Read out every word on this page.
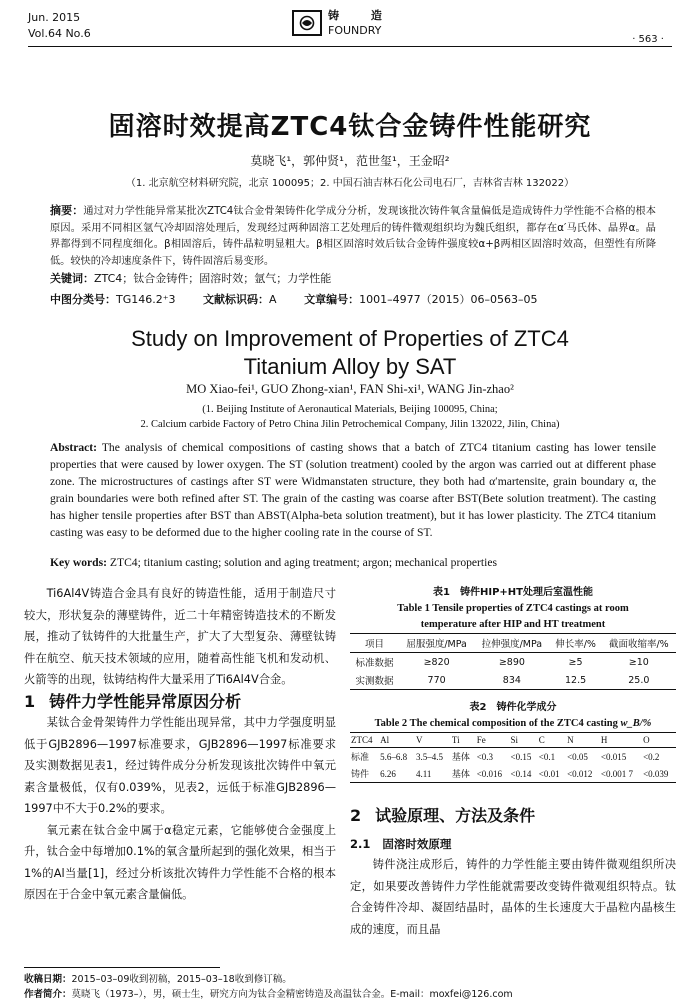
Jun. 2015
Vol.64 No.6
铸 造
FOUNDRY
· 563 ·
固溶时效提高ZTC4钛合金铸件性能研究
莫晓飞¹，郭仲贤¹，范世玺¹，王金昭²
（1. 北京航空材料研究院，北京 100095；2. 中国石油吉林石化公司电石厂，吉林省吉林 132022）
摘要：通过对力学性能异常某批次ZTC4钛合金骨架铸件化学成分分析，发现该批次铸件氧含量偏低是造成铸件力学性能不合格的根本原因。采用不同相区氩气冷却固溶处理后，发现经过两种固溶工艺处理后的铸件微观组织均为魏氏组织，都存在α′马氏体、晶界α。晶界都得到不同程度细化。β相固溶后，铸件晶粒明显粗大。β相区固溶时效后钛合金铸件强度较α+β两相区固溶时效高，但塑性有所降低。较快的冷却速度条件下，铸件固溶后易变形。
关键词：ZTC4；钛合金铸件；固溶时效；氩气；力学性能
中图分类号：TG146.2⁺3	文献标识码：A	文章编号：1001–4977（2015）06–0563–05
Study on Improvement of Properties of ZTC4
Titanium Alloy by SAT
MO Xiao-fei¹, GUO Zhong-xian¹, FAN Shi-xi¹, WANG Jin-zhao²
(1. Beijing Institute of Aeronautical Materials, Beijing 100095, China;
2. Calcium carbide Factory of Petro China Jilin Petrochemical Company, Jilin 132022, Jilin, China)
Abstract: The analysis of chemical compositions of casting shows that a batch of ZTC4 titanium casting has lower tensile properties that were caused by lower oxygen. The ST (solution treatment) cooled by the argon was carried out at different phase zone. The microstructures of castings after ST were Widmanstaten structure, they both had α′martensite, grain boundary α, the grain boundaries were both refined after ST. The grain of the casting was coarse after BST(Bete solution treatment). The casting has higher tensile properties after BST than ABST(Alpha-beta solution treatment), but it has lower plasticity. The ZTC4 titanium casting was easy to be deformed due to the higher cooling rate in the course of ST.
Key words: ZTC4; titanium casting; solution and aging treatment; argon; mechanical properties

Ti6Al4V铸造合金具有良好的铸造性能，适用于制造尺寸较大，形状复杂的薄壁铸件，近二十年精密铸造技术的不断发展，推动了钛铸件的大批量生产，扩大了大型复杂、薄壁钛铸件在航空、航天技术领域的应用，随着高性能飞机和发动机、火箭等的出现，钛铸结构件大量采用了Ti6Al4V合金。

1 铸件力学性能异常原因分析

某钛合金骨架铸件力学性能出现异常，其中力学强度明显低于GJB2896—1997标准要求，GJB2896—1997标准要求及实测数据见表1，经过铸件成分分析发现该批次铸件中氧元素含量极低，仅有0.039%，见表2，远低于标准GJB2896—1997中不大于0.2%的要求。

氧元素在钛合金中属于α稳定元素，它能够使合金强度上升，钛合金中每增加0.1%的氧含量所起到的强化效果，相当于1%的Al当量[1]，经过分析该批次铸件力学性能不合格的根本原因在于合金中氧元素含量偏低。

表1　铸件HIP+HT处理后室温性能
Table 1 Tensile properties of ZTC4 castings at room
temperature after HIP and HT treatment
项目	屈服强度/MPa	拉伸强度/MPa	伸长率/%	截面收缩率/%
标准数据	≥820	≥890	≥5	≥10
实测数据	770	834	12.5	25.0
表2　铸件化学成分
Table 2 The chemical composition of the ZTC4 casting w_B/%
ZTC4	Al	V	Ti	Fe	Si	C	N	H	O
标准	5.6–6.8	3.5–4.5	基体	<0.3	<0.15	<0.1	<0.05	<0.015	<0.2
铸件	6.26	4.11	基体	<0.016	<0.14	<0.01	<0.012	<0.001 7	<0.039
2 试验原理、方法及条件
2.1 固溶时效原理

铸件浇注成形后，铸件的力学性能主要由铸件微观组织所决定，如果要改善铸件力学性能就需要改变铸件微观组织特点。钛合金铸件冷却、凝固结晶时，晶体的生长速度大于晶粒内晶核生成的速度，而且晶

收稿日期：2015–03–09收到初稿，2015–03–18收到修订稿。
作者简介：莫晓飞（1973–），男，硕士生，研究方向为钛合金精密铸造及高温钛合金。E-mail：moxfei@126.com
